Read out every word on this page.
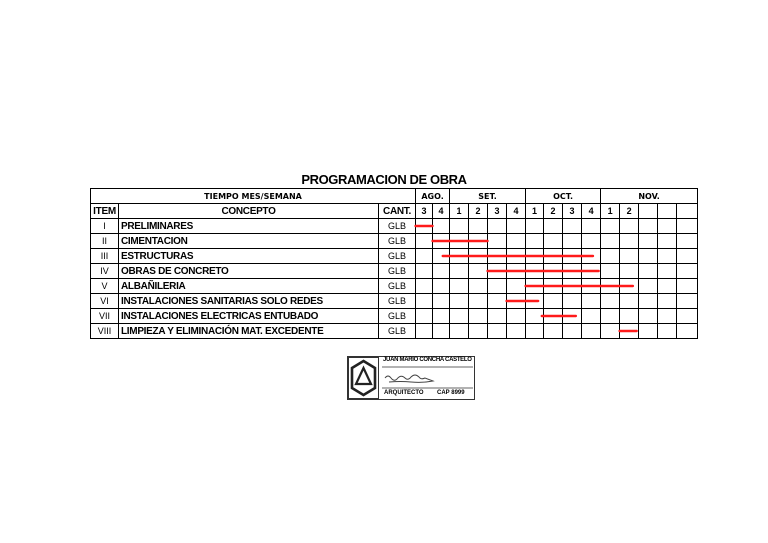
PROGRAMACION DE OBRA
TIEMPO MES/SEMANA			AGO.		SET.				OCT.				NOV.				
ITEM	CONCEPTO	CANT.	3	4	1	2	3	4	1	2	3	4	1	2			
I	PRELIMINARES	GLB															
II	CIMENTACION	GLB															
III	ESTRUCTURAS	GLB															
IV	OBRAS DE CONCRETO	GLB															
V	ALBAÑILERIA	GLB															
VI	INSTALACIONES SANITARIAS SOLO REDES	GLB															
VII	INSTALACIONES ELECTRICAS ENTUBADO	GLB															
VIII	LIMPIEZA Y ELIMINACIÓN MAT. EXCEDENTE	GLB															
JUAN MARIO CONCHA CASTELO
ARQUITECTO CAP 8999
